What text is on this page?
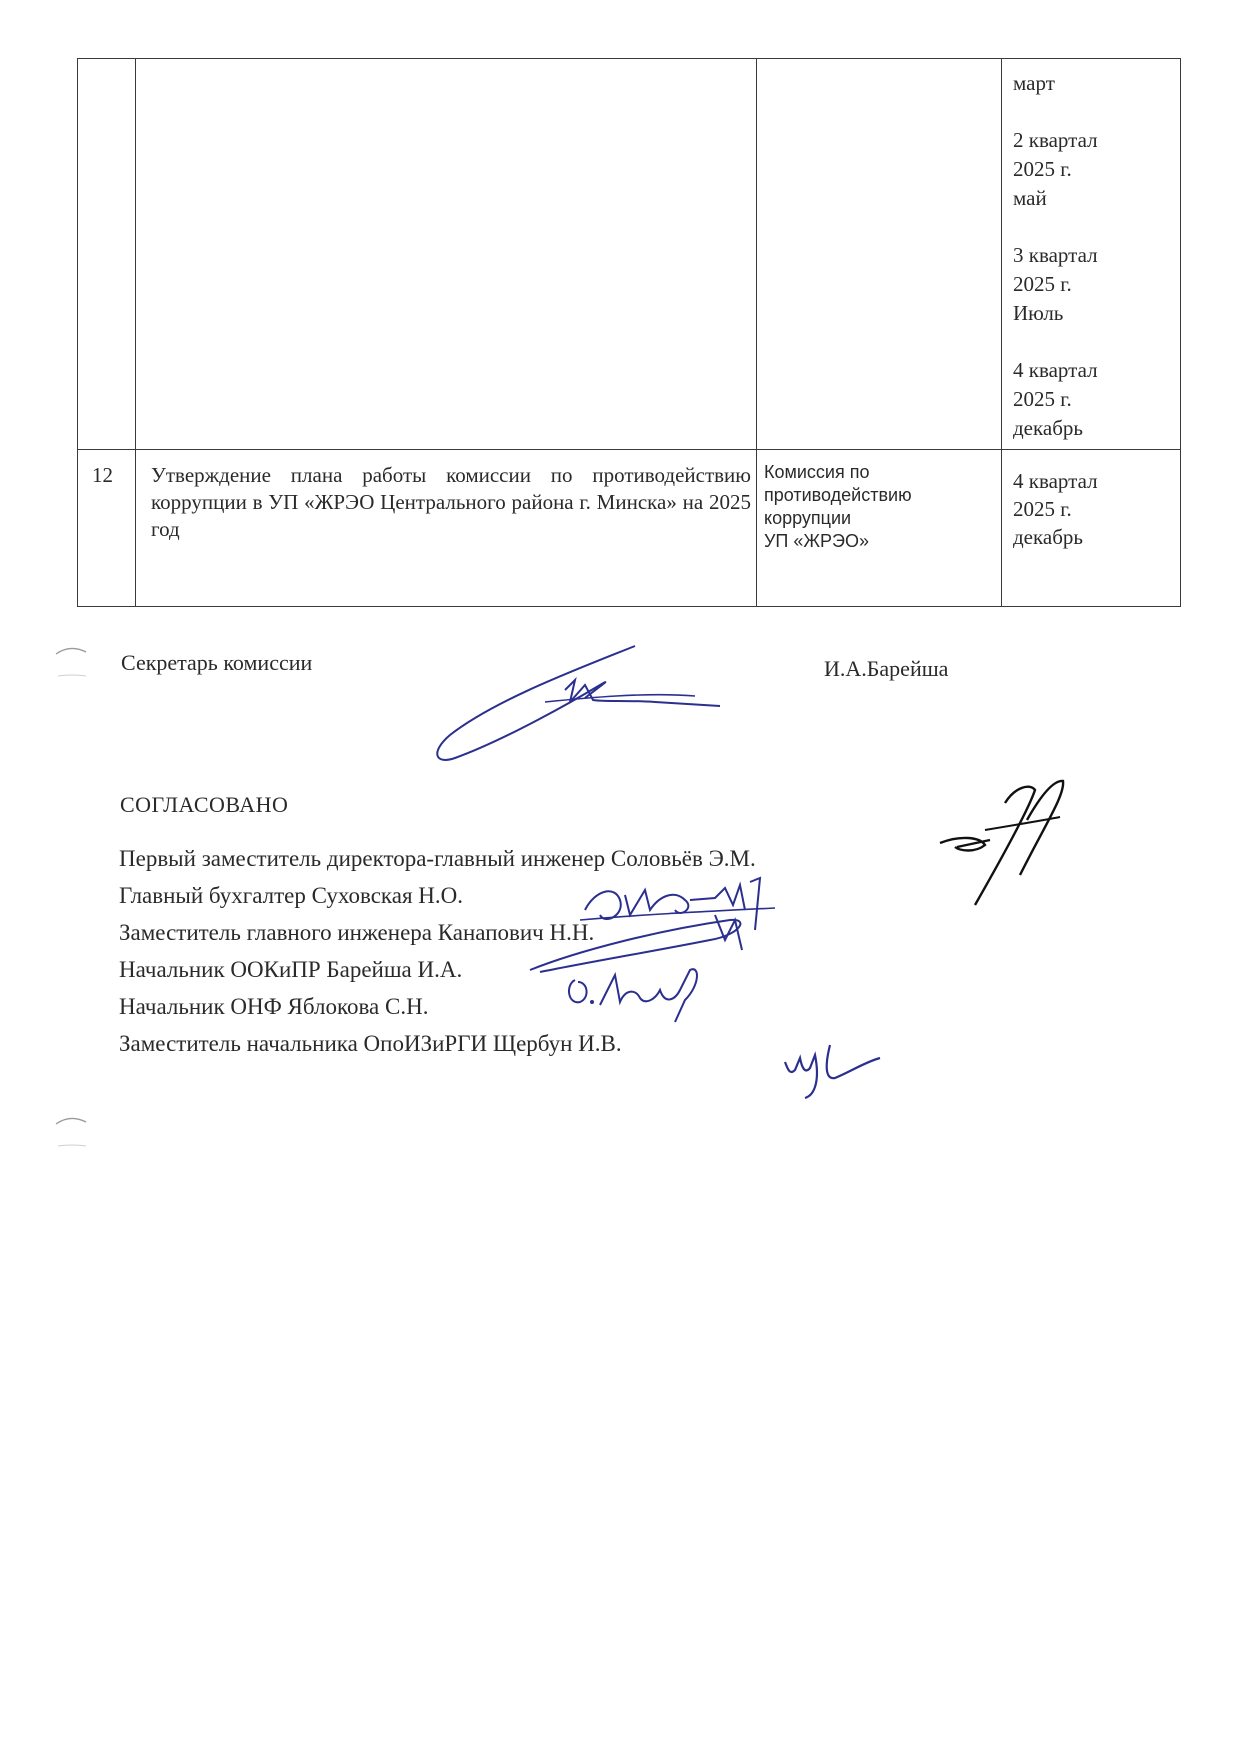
март
2 квартал
2025 г.
май
3 квартал
2025 г.
Июль
4 квартал
2025 г.
декабрь
12 Утверждение плана работы комиссии по противодействию коррупции в УП «ЖРЭО Центрального района г. Минска» на 2025 год
Комиссия по
противодействию
коррупции
УП «ЖРЭО»
4 квартал
2025 г.
декабрь
Секретарь комиссии	И.А.Барейша
СОГЛАСОВАНО
Первый заместитель директора-главный инженер Соловьёв Э.М.
Главный бухгалтер Суховская Н.О.
Заместитель главного инженера Канапович Н.Н.
Начальник ООКиПР Барейша И.А.
Начальник ОНФ Яблокова С.Н.
Заместитель начальника ОпоИЗиРГИ Щербун И.В.
